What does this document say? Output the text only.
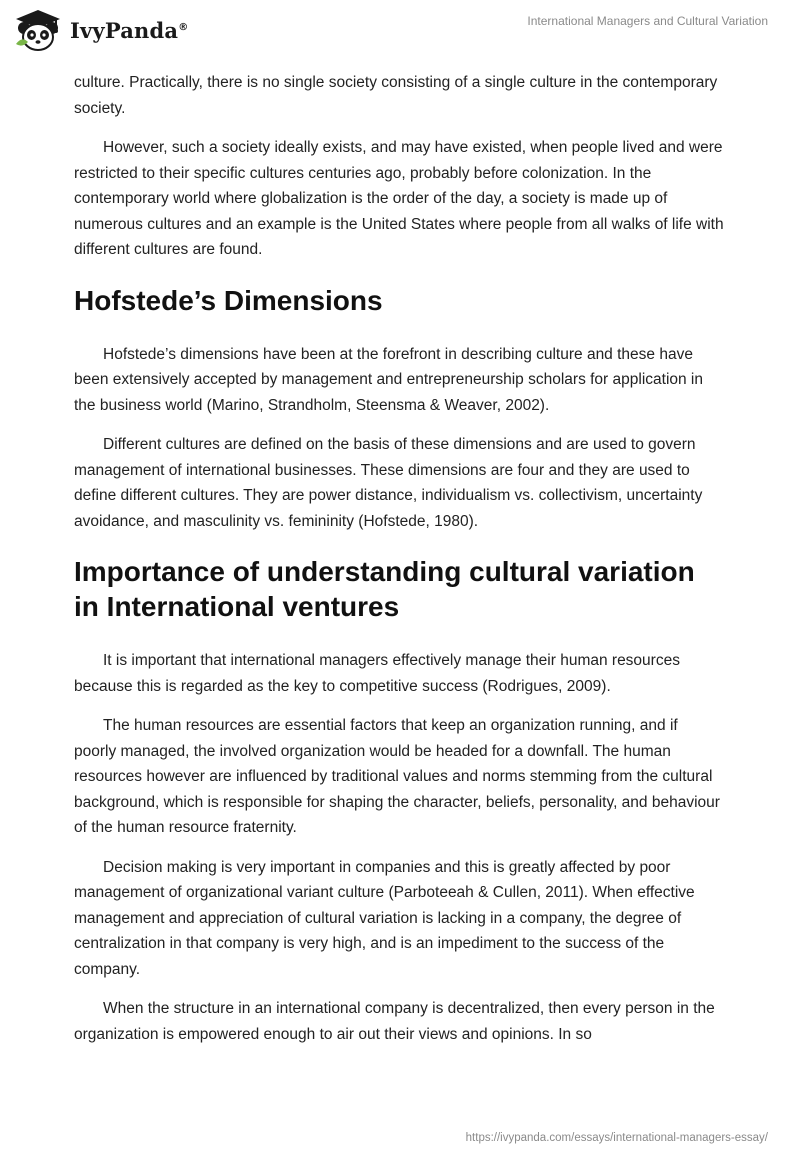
IvyPanda®	International Managers and Cultural Variation

culture. Practically, there is no single society consisting of a single culture in the contemporary society.

However, such a society ideally exists, and may have existed, when people lived and were restricted to their specific cultures centuries ago, probably before colonization. In the contemporary world where globalization is the order of the day, a society is made up of numerous cultures and an example is the United States where people from all walks of life with different cultures are found.

Hofstede’s Dimensions

Hofstede’s dimensions have been at the forefront in describing culture and these have been extensively accepted by management and entrepreneurship scholars for application in the business world (Marino, Strandholm, Steensma & Weaver, 2002).

Different cultures are defined on the basis of these dimensions and are used to govern management of international businesses. These dimensions are four and they are used to define different cultures. They are power distance, individualism vs. collectivism, uncertainty avoidance, and masculinity vs. femininity (Hofstede, 1980).

Importance of understanding cultural variation in International ventures

It is important that international managers effectively manage their human resources because this is regarded as the key to competitive success (Rodrigues, 2009).

The human resources are essential factors that keep an organization running, and if poorly managed, the involved organization would be headed for a downfall. The human resources however are influenced by traditional values and norms stemming from the cultural background, which is responsible for shaping the character, beliefs, personality, and behaviour of the human resource fraternity.

Decision making is very important in companies and this is greatly affected by poor management of organizational variant culture (Parboteeah & Cullen, 2011). When effective management and appreciation of cultural variation is lacking in a company, the degree of centralization in that company is very high, and is an impediment to the success of the company.

When the structure in an international company is decentralized, then every person in the organization is empowered enough to air out their views and opinions. In so

https://ivypanda.com/essays/international-managers-essay/
